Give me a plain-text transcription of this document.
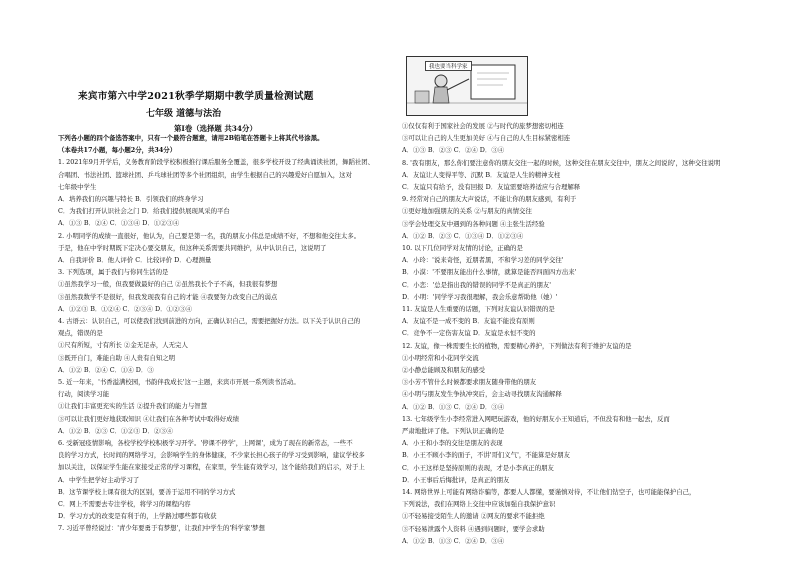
来宾市第六中学2021秋季学期期中教学质量检测试题
七年级 道德与法治
第Ⅰ卷（选择题 共34分）
下列各小题的四个备选答案中，只有一个最符合题意，请用2B铅笔在答题卡上将其代号涂黑。
（本卷共17小题，每小题2分，共34分）
1. 2021年9月开学后，义务教育阶段学校积极推行课后服务全覆盖，很多学校开设了经典诵读社团，舞蹈社团、
合唱团、书法社团、篮球社团、乒乓球社团等多个社团组织，由学生根据自己的兴趣爱好自愿加入，这对
七年级中学生
A．培养我们的兴趣与特长 B．引领我们的终身学习
C．为我们打开认识社会之门 D．给我们提供展现风采的平台
A．①③ B．②④ C．①③④ D．①②③④
2. 小明同学的成绩一直很好，他认为，自己要是第一名，我的朋友小伟总是成绩不好，不想和他交往太多。
于是，他在中学时期既下定决心要交朋友，但这种关系需要共同维护，从中认识自己，这说明了
A．自我评价 B．他人评价 C．比较评价 D．心理测量
3. 下列选项，属于我们与你同生活的是
①虽然我学习一般，但我要做最好的自己 ②虽然我长个子不高，但我很有梦想
③虽然我数学不是很好，但我发现我有自己的才能 ④我要努力改变自己的弱点
A．①②③ B．①②④ C．②③④ D．①②③④
4. 古语云：认识自己，可以使我们找到前进的方向，正确认识自己，需要把握好方法。以下关于认识自己的
观点，错误的是
①尺有所短，寸有所长 ②金无足赤，人无完人
③既开自门，难能自助 ④人贵有自知之明
A．①② B．②④ C．①④ D．③
5. 近一年来，'书香溢满校园，书韵伴我成长'这一主题，来宾市开展一系列读书活动。
行动，阅读学习能
①让我们丰富更充实的生活 ②提升我们的能力与智慧
③可以让我们更好地获取知识 ④让我们在各种考试中取得好成绩
A．①② B．②③ C．①②③ D．②③④
6. 受新冠疫情影响，各校学校学校积极学习开学。'停课不停学'，上网课'，成为了现在的新常态，一些不
良的学习方式，长时间的网络学习，会影响学生的身体健康，不少家长担心孩子的学习受到影响，建议学校多
加以关注，以保证学生能在家接受正常的学习课程，在家里，学生能有效学习，这个能给我们的启示，对于上
A．中学生把学好主动学习了
B．这节课学校上课有很大的区别，要善于运用不同的学习方式
C．网上不需要去专注学校，将学习的课程内容
D．学习方式的改变是有利于的，上学路过哪些都有收获
7. 习近平曾经说过：'青少年要勇于有梦想'，让我们中学生的'科学家'梦想
①仅仅有利于国家社会的发展 ②与时代的旅梦想密切相连
③可以让自己的人生更加美好 ④与自己的人生目标紧密相连
A．①③ B．②③ C．②④ D．③④
8. '我有朋友，那么你们要注意你的朋友交往一起的时候，这种交往在朋友交往中，朋友之间说的'，这种交往说明
A．友谊让人变得平等、沉默 B．友谊是人生的精神支柱
C．友谊只有给予，没有回报 D．友谊需要培养适应与合理解释
9. 经常对自己的朋友大声说话，不能让你的朋友感到，有利于
①更好地加强朋友的关系 ②与朋友的真情交往
③学会处理交友中遇到的各种问题 ④主张生活经验
A．①② B．②③ C．①③④ D．①②③④
10. 以下几位同学对友情的讨论，正确的是
A．小玲：'说来奇怪，近朋者黑，不和学习差的同学交往'
B．小漠：'不要朋友能出什么事情，就算是能否四面四方出来'
C．小恋：'总是指出我的错误的同学不是真正的朋友'
D．小明：'同学学习我很理解，我会乐意帮助他（她）'
11. 友谊是人生重要的话题，下列对友谊认识错误的是
A．友谊不是一成不变的 B．友谊不能没有原则
C．竞争不一定伤害友谊 D．友谊是永恒不变的
12. 友谊，像一株需要生长的植物，需要精心养护，下列做法有利于维护友谊的是
①小明经常和小花同学交流
②小静总能顾及和朋友的感受
③小芳不管什么时候都要求朋友随身带他的朋友
④小明与朋友发生争执冲突后，会主动寻找朋友沟通解释
A．①② B．①③ C．②④ D．③④
13. 七年级学生小李经常进入网吧玩游戏，他的好朋友小王知道后，不但没有和他一起去，反而
严肃地批评了他。下列认识正确的是
A．小王和小李的交往是朋友的表现
B．小王不顾小李的面子，不讲'哥们义气'，不能算是好朋友
C．小王这样是坚持原则的表现，才是小李真正的朋友
D．小王事后后悔批评，是真正的朋友
14. 网络世界上可能有网络诈骗等，都要人人都懂，要谨慎对待，不让他们钻空子，也可能能保护自己，
下列说法，我们在网络上交往中应该加强自我保护意识
①不轻易接受陌生人的邀请 ②网友的要求不能拒绝
③不轻易泄露个人资料 ④遇到问题时，要学会求助
A．①② B．①③ C．②④ D．③④
我也要当科学家
